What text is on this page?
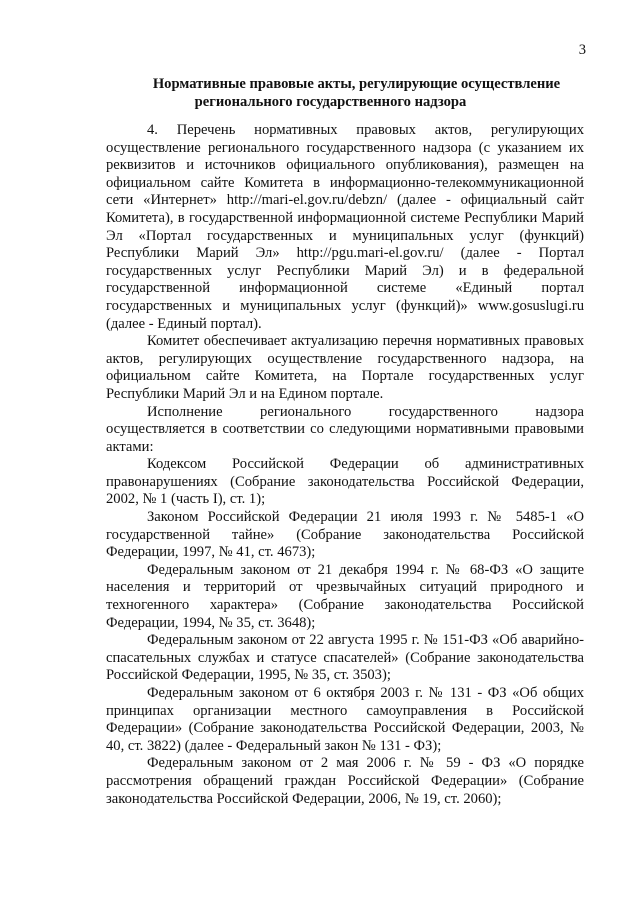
3
Нормативные правовые акты, регулирующие осуществление
регионального государственного надзора

4. Перечень нормативных правовых актов, регулирующих осуществление регионального государственного надзора (с указанием их реквизитов и источников официального опубликования), размещен на официальном сайте Комитета в информационно-телекоммуникационной сети «Интернет» http://mari-el.gov.ru/debzn/ (далее - официальный сайт Комитета), в государственной информационной системе Республики Марий Эл «Портал государственных и муниципальных услуг (функций) Республики Марий Эл» http://pgu.mari-el.gov.ru/ (далее - Портал государственных услуг Республики Марий Эл) и в федеральной государственной информационной системе «Единый портал государственных и муниципальных услуг (функций)» www.gosuslugi.ru (далее - Единый портал).

Комитет обеспечивает актуализацию перечня нормативных правовых актов, регулирующих осуществление государственного надзора, на официальном сайте Комитета, на Портале государственных услуг Республики Марий Эл и на Едином портале.

Исполнение регионального государственного надзора осуществляется в соответствии со следующими нормативными правовыми актами:

Кодексом Российской Федерации об административных правонарушениях (Собрание законодательства Российской Федерации, 2002, № 1 (часть I), ст. 1);

Законом Российской Федерации 21 июля 1993 г. № 5485-1 «О государственной тайне» (Собрание законодательства Российской Федерации, 1997, № 41, ст. 4673);

Федеральным законом от 21 декабря 1994 г. № 68-ФЗ «О защите населения и территорий от чрезвычайных ситуаций природного и техногенного характера» (Собрание законодательства Российской Федерации, 1994, № 35, ст. 3648);

Федеральным законом от 22 августа 1995 г. № 151-ФЗ «Об аварийно-спасательных службах и статусе спасателей» (Собрание законодательства Российской Федерации, 1995, № 35, ст. 3503);

Федеральным законом от 6 октября 2003 г. № 131 - ФЗ «Об общих принципах организации местного самоуправления в Российской Федерации» (Собрание законодательства Российской Федерации, 2003, № 40, ст. 3822) (далее - Федеральный закон № 131 - ФЗ);

Федеральным законом от 2 мая 2006 г. № 59 - ФЗ «О порядке рассмотрения обращений граждан Российской Федерации» (Собрание законодательства Российской Федерации, 2006, № 19, ст. 2060);
